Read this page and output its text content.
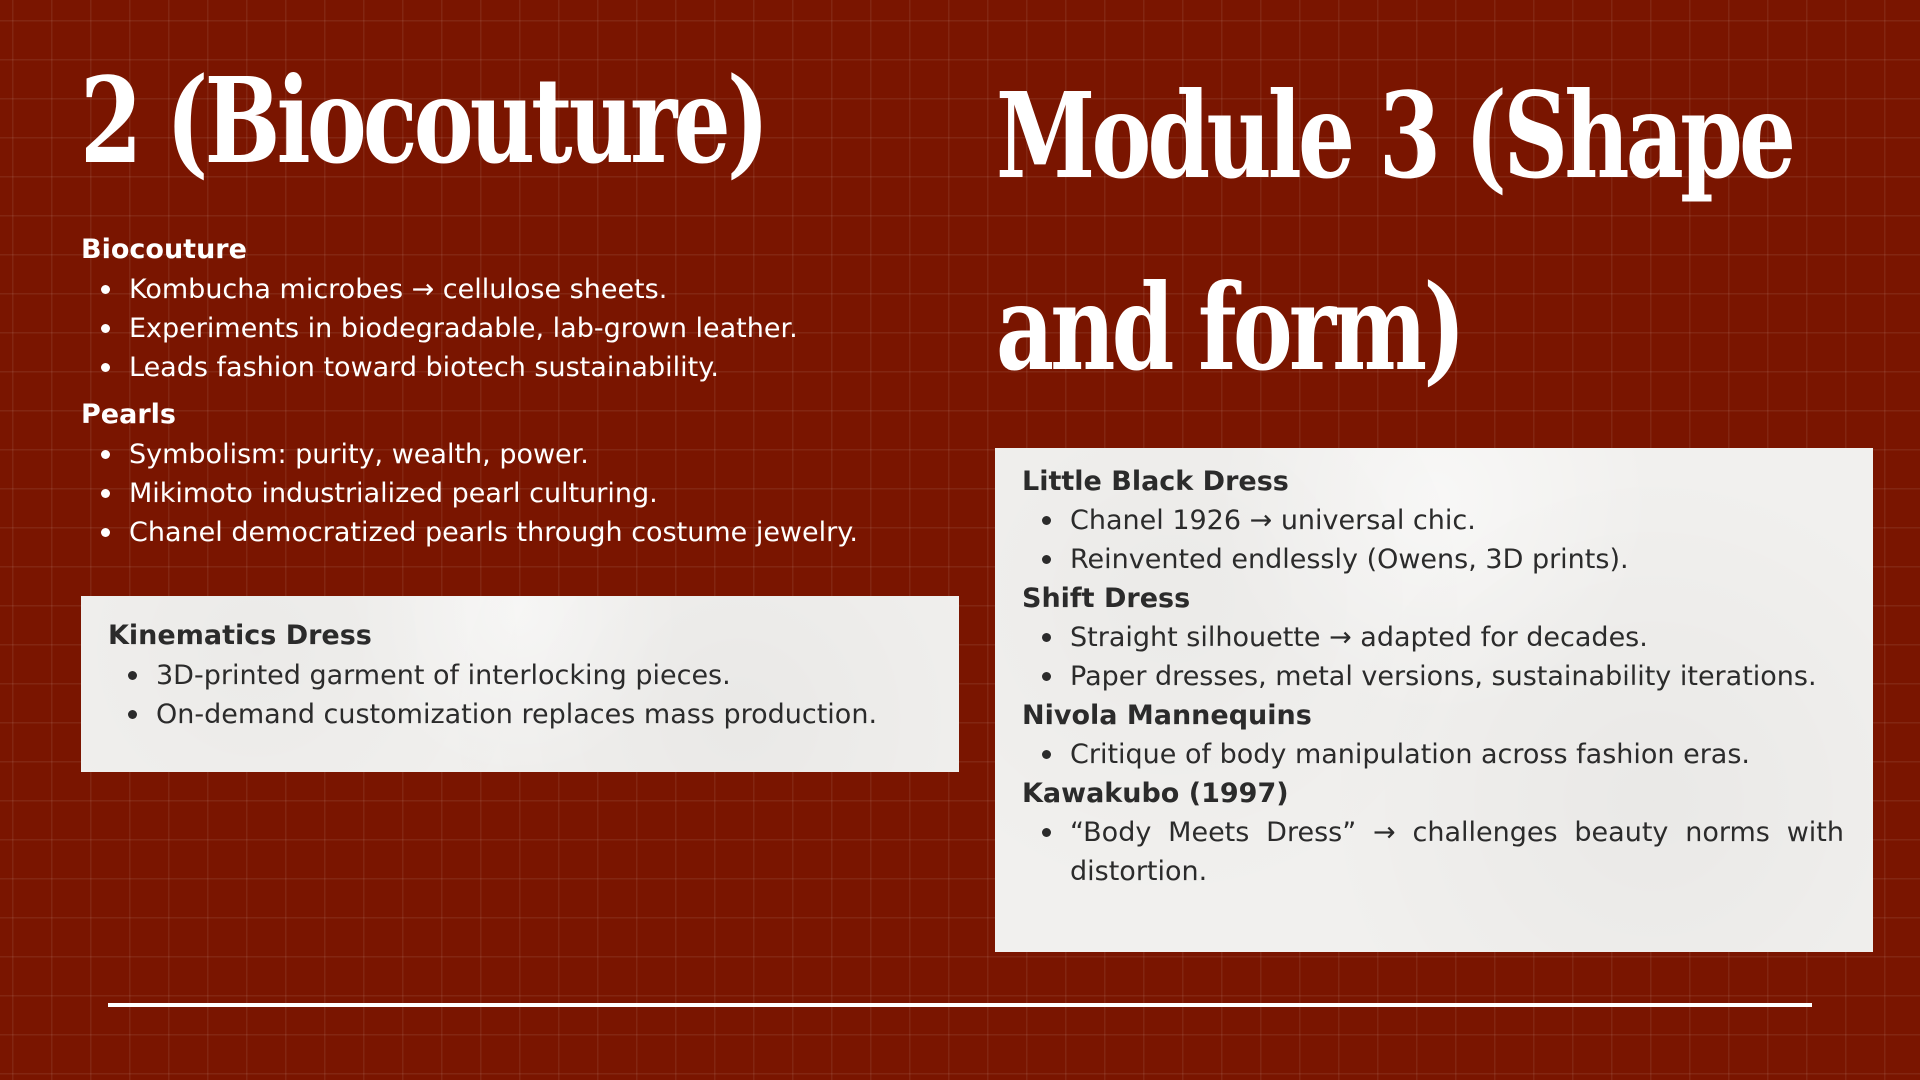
2 (Biocouture) Module 3 (Shape
and form)
Biocouture
Kombucha microbes → cellulose sheets.
Experiments in biodegradable, lab-grown leather.
Leads fashion toward biotech sustainability.
Pearls
Symbolism: purity, wealth, power.
Mikimoto industrialized pearl culturing.
Chanel democratized pearls through costume jewelry.
Kinematics Dress
3D-printed garment of interlocking pieces.
On-demand customization replaces mass production.
Little Black Dress
Chanel 1926 → universal chic.
Reinvented endlessly (Owens, 3D prints).
Shift Dress
Straight silhouette → adapted for decades.
Paper dresses, metal versions, sustainability iterations.
Nivola Mannequins
Critique of body manipulation across fashion eras.
Kawakubo (1997)
“Body Meets Dress” → challenges beauty norms with distortion.
